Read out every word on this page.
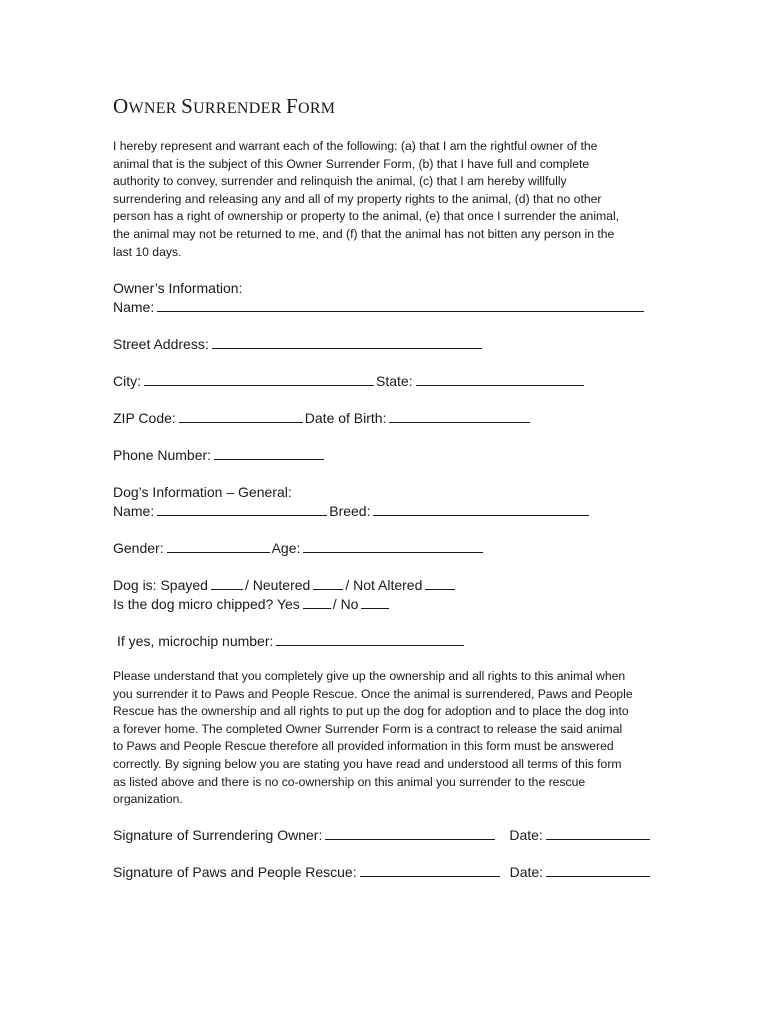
OWNER SURRENDER FORM
I hereby represent and warrant each of the following: (a) that I am the rightful owner of the
animal that is the subject of this Owner Surrender Form, (b) that I have full and complete
authority to convey, surrender and relinquish the animal, (c) that I am hereby willfully
surrendering and releasing any and all of my property rights to the animal, (d) that no other
person has a right of ownership or property to the animal, (e) that once I surrender the animal,
the animal may not be returned to me, and (f) that the animal has not bitten any person in the
last 10 days.
Owner’s Information:
Name:
Street Address:
City:	State:
ZIP Code:	Date of Birth:
Phone Number:
Dog’s Information – General:
Name:	Breed:
Gender:	Age:
Dog is: Spayed	/ Neutered	/ Not Altered
Is the dog micro chipped? Yes / No
If yes, microchip number:
Please understand that you completely give up the ownership and all rights to this animal when
you surrender it to Paws and People Rescue. Once the animal is surrendered, Paws and People
Rescue has the ownership and all rights to put up the dog for adoption and to place the dog into
a forever home. The completed Owner Surrender Form is a contract to release the said animal
to Paws and People Rescue therefore all provided information in this form must be answered
correctly. By signing below you are stating you have read and understood all terms of this form
as listed above and there is no co-ownership on this animal you surrender to the rescue
organization.
Signature of Surrendering Owner:	Date:
Signature of Paws and People Rescue:	Date:
